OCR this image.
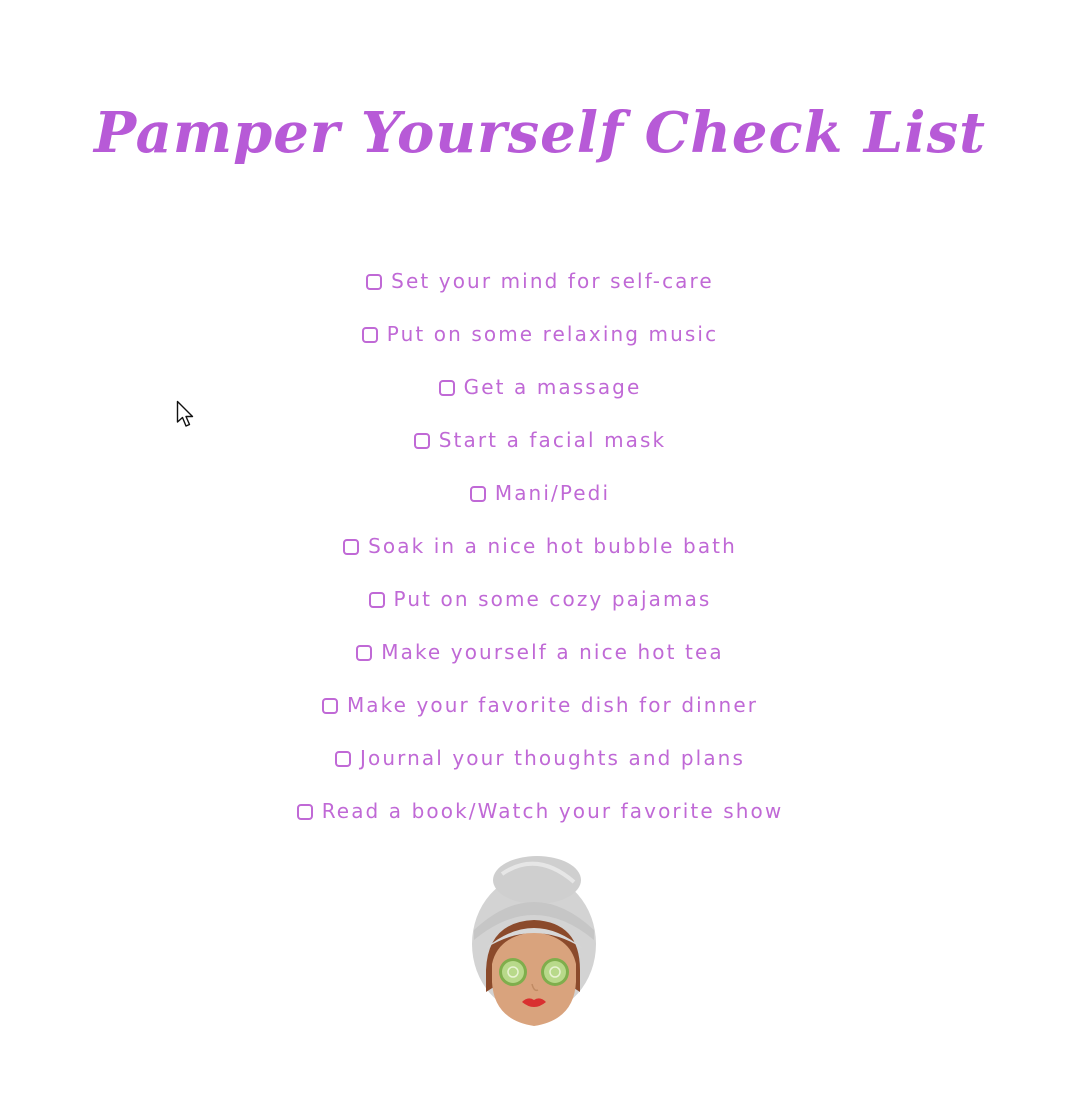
Pamper Yourself Check List
Set your mind for self-care
Put on some relaxing music
Get a massage
Start a facial mask
Mani/Pedi
Soak in a nice hot bubble bath
Put on some cozy pajamas
Make yourself a nice hot tea
Make your favorite dish for dinner
Journal your thoughts and plans
Read a book/Watch your favorite show
